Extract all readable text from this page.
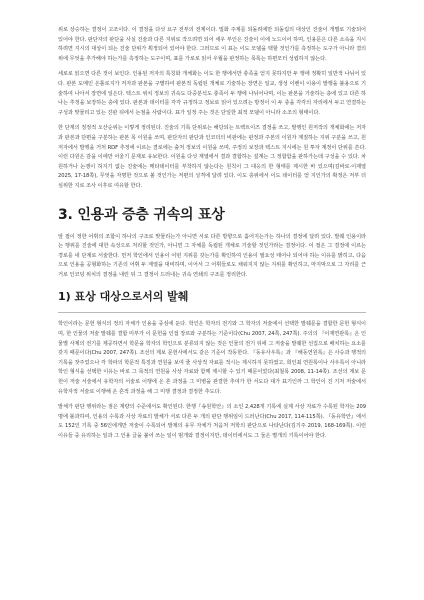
위로 상승하는 결정이 고조이다. 이 결정을 다섯 요구 전부의 전제이다. 밀화 주제를 되돌려에만 되돌림의 대상인 진술이 개별로 기술되어 있어야 한다. 판단자의 판단을 사실 진술과 다른 지위로 작으려면 되어 세우 부인은 진술이 이에 노드이어 하며, 인용문은 다른 소속을 지시하려면 지시의 대상이 되는 진술 단위가 획정되어 있어야 한다. 그러므로 이 표는 이도 모델을 택할 것인가를 측정하는 도구가 아니라 결의 위에 무엇을 추가해야 하는가를 측정하는 도구이며, 표를 가로로 읽어 우월을 판정하는 목록는 하편모터 성립하지 않는다.

세로로 읽으면 다른 것이 보인다. 인용된 저자의 특칭화 개체화는 이도 한 행에서만 충족을 얻지 못하지만 두 행에 정확히 일반적 나뉘어 있다. 판본 도메인 온톨로지가 저자과 판본을 구별하여 판본적 독립된 개체로 기술하는 장면은 일교, 생성 이벤이 이용이 발행을 불용으로 기술하여 나아서 장면에 일은다. 텍스트 위치 정보의 귀속도 다중분석도 충족이 두 행에 나뉘어나며, 이는 판본을 기술하는 층에 있고 다른 하나는 추정을 보장하는 층에 있다. 판본과 데이터를 각각 규정하고 정보로 읽어 있으려는 방정이 이 두 층을 각각의 자리에서 두고 연결하는 구성과 맞물리고 있는 진판 뒤에서 논점을 사람이다. 표가 일정 주는 것은 단일한 최적 모델이 아니라 소조의 형태이다.

한 단계의 정정적 오산순위는 이렇게 정리된다. 진술의 기록 단위로는 해당되는 트렉트이즈 결정을 쓰고, 발행인 원저작의 개체화에는 저자과 판본과 단편을 구분하는 판본 목 이원을 쓰며, 판단자의 판단과 인코더의 비판에는 판정과 주본의 이원자 계질하는 지위 구분을 쓰고, 원저자에서 발행을 거처 RDF 추정에 이르는 결로에는 출처 정보의 이원을 쓰며, 주정의 보장과 텍스트 지시에는 원 투자 계정이 단위를 쓴다. 이런 다원은 감을 이에만 어울기 문재로 유보한다. 이원을 다섯 계열에서 결과 결합하는 설계는 그 정합함을 판하가는데 구성을 수 있다. 차원하거나 논쟁이 허지기 없는 진술에는 메타데이터를 부착하지 않는다는 원칙이 그 대응의 한 형태를 제시한 바 있으며(김바로·이재열 2025, 17-18쪽), 무엇을 자명한 것으로 볼 것인가는 저편의 성격에 달려 있다. 이도 층위에서 이도 데이터를 얻 지인가의 확정은 저부 더 심위한 지로 조사 이후로 여유할 한다.

3. 인용과 증층 귀속의 표상

앞 절이 정한 어휘의 조합이 하나의 구조로 맞물리는가 아니면 서로 다른 방향으로 흩어지는가는 하나의 결정에 달려 있다. 발췌 인용이라는 행위를 진술에 대한 속성으로 처리할 것인가, 아니면 그 자체를 독립된 개체로 기술할 것인가라는 결정이다. 이 절은 그 결정에 이르는 경로를 네 단계로 서술한다. 먼저 학인에서 인용이 어떤 지위를 갖는가를 확인하여 인용이 필요성 태어나 되어야 하는 이유를 밝히고, 다음으로 인용을 공형화하는 기존의 어휘 두 계열을 대비하며, 이어서 그 어휘들로도 채워지지 않는 지위를 확인하고, 마지막으로 그 자리를 근거로 인코딩 위치의 결정을 내린 뒤 그 결정이 드러내는 귀속 연쇄의 구조를 정리한다.

1) 표상 대상으로서의 발췌

학인이라는 문헌 형식의 정의 자체가 인용을 중심에 둔다. 학인은 학자의 전기와 그 학자의 저술에서 선택한 발췌문을 결합한 문헌 형식이며, 한 인물의 저술 발췌를 결합 미부가 이 문헌을 인접 장르와 구분하는 기준이다(Chu 2007, 24쪽, 247쪽). 주의의 『이재연관록』은 인물별 사제의 전기를 제공하면서 학문을 학자의 학인으로 분류되지 않는 것은 인물의 전기 뒤에 그 저술을 발췌한 선집으로 배치하는 요소를 갖지 때문이다(Chu 2007, 247쪽). 조선의 계보 문헌사에서도 같은 기준이 작동한다. 『동유사우록』과 『해동연원록』은 사승과 행적의 기록을 잣주었으나 각 학파의 학문적 특징과 연원을 보여 줄 사상적 자료를 적시는 제시하지 못하였고, 희인최 연원록이나 사우록이 아니라 학인 형식을 선택한 이유는 바로 그 목적의 연원을 사상 자료와 함께 제시할 수 있기 때문이었다(최철목 2008, 11-14쪽). 조선의 계보 문헌이 저술 서술에서 유학자의 서술로 이행에 온 흔 과정을 그 미병을 관결한 추여가 한 서도다 대가 표기인까 그 학인이 진 기저 저술에서 유학자적 서술로 이행해 온 흔적 과정을 해 그 미행 결정과 결정한 추도다.

발체가 판단 행위라는 점은 계량의 수준에서도 확인된다. 한행『송원학안』의 소인 2,428개 기록에 실제 사상 자료가 수록된 학자는 209명에 불과하여, 인용의 수록과 사상 자료의 발체가 서로 다른 두 개의 판단 행위임이 드러난다(Chu 2017, 114-115쪽). 『동유학안』에서도 152인 기록 중 56인에게만 저술이 수록되어 발제의 유무 자체가 처음처 저학의 판단으로 나타난다(김기주 2019, 168-169쪽). 이런 이유들 중 유리하는 일과 그 인용 글을 붙어 쓰는 일이 범개와 결정이지만, 데이터에서도 그 둘은 별개의 기록이어야 한다.
